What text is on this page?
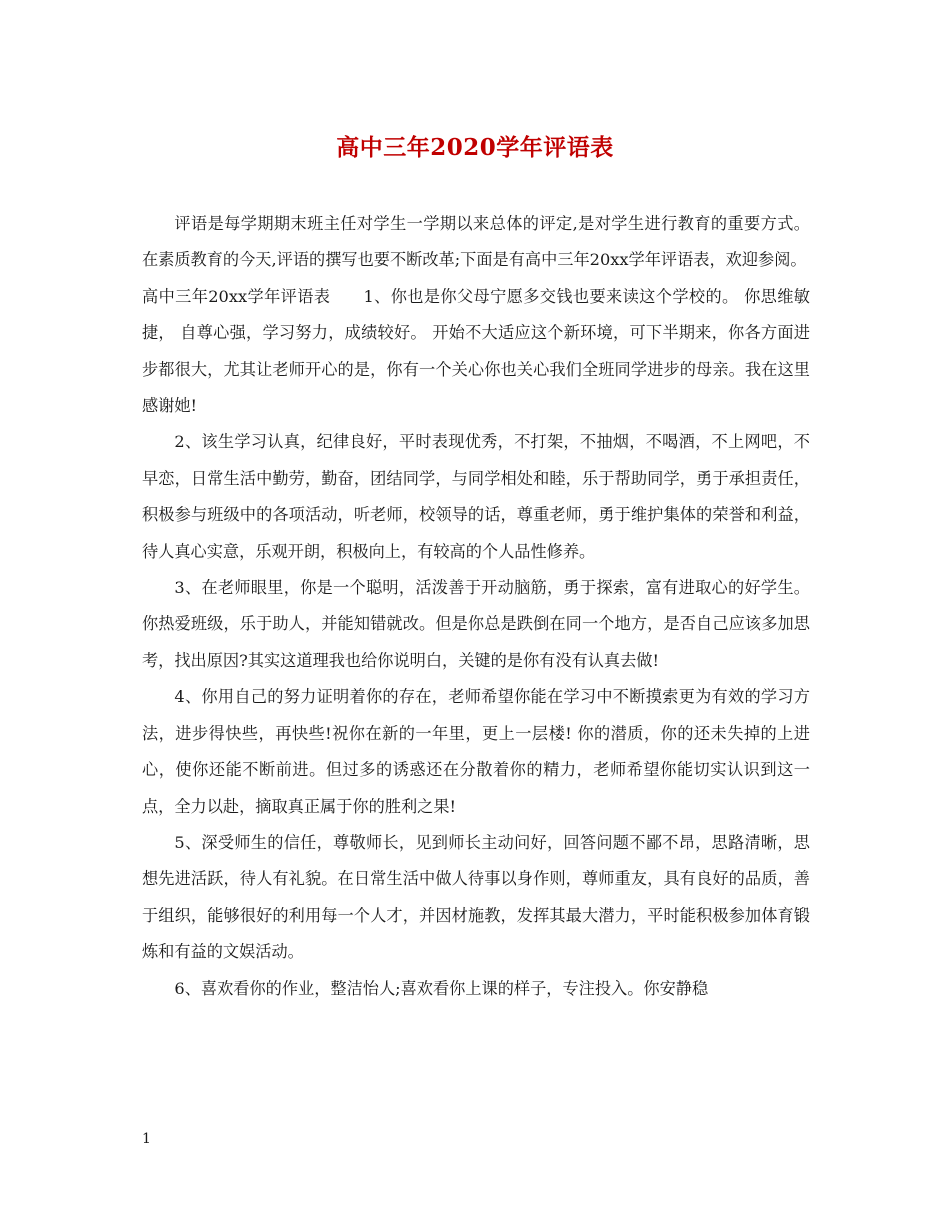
高中三年2020学年评语表

评语是每学期期末班主任对学生一学期以来总体的评定,是对学生进行教育的重要方式。在素质教育的今天,评语的撰写也要不断改革;下面是有高中三年20xx学年评语表，欢迎参阅。

高中三年20xx学年评语表　　1、你也是你父母宁愿多交钱也要来读这个学校的。 你思维敏捷， 自尊心强，学习努力，成绩较好。 开始不大适应这个新环境，可下半期来，你各方面进步都很大，尤其让老师开心的是，你有一个关心你也关心我们全班同学进步的母亲。我在这里感谢她!

2、该生学习认真，纪律良好，平时表现优秀，不打架，不抽烟，不喝酒，不上网吧，不早恋，日常生活中勤劳，勤奋，团结同学，与同学相处和睦，乐于帮助同学，勇于承担责任，积极参与班级中的各项活动，听老师，校领导的话，尊重老师，勇于维护集体的荣誉和利益，待人真心实意，乐观开朗，积极向上，有较高的个人品性修养。

3、在老师眼里，你是一个聪明，活泼善于开动脑筋，勇于探索，富有进取心的好学生。你热爱班级，乐于助人，并能知错就改。但是你总是跌倒在同一个地方，是否自己应该多加思考，找出原因?其实这道理我也给你说明白，关键的是你有没有认真去做!

4、你用自己的努力证明着你的存在，老师希望你能在学习中不断摸索更为有效的学习方法，进步得快些，再快些!祝你在新的一年里，更上一层楼! 你的潜质，你的还未失掉的上进心，使你还能不断前进。但过多的诱惑还在分散着你的精力，老师希望你能切实认识到这一点，全力以赴，摘取真正属于你的胜利之果!

5、深受师生的信任，尊敬师长，见到师长主动问好，回答问题不鄙不昂，思路清晰，思想先进活跃，待人有礼貌。在日常生活中做人待事以身作则，尊师重友，具有良好的品质，善于组织，能够很好的利用每一个人才，并因材施教，发挥其最大潜力，平时能积极参加体育锻炼和有益的文娱活动。

6、喜欢看你的作业，整洁怡人;喜欢看你上课的样子，专注投入。你安静稳

1
